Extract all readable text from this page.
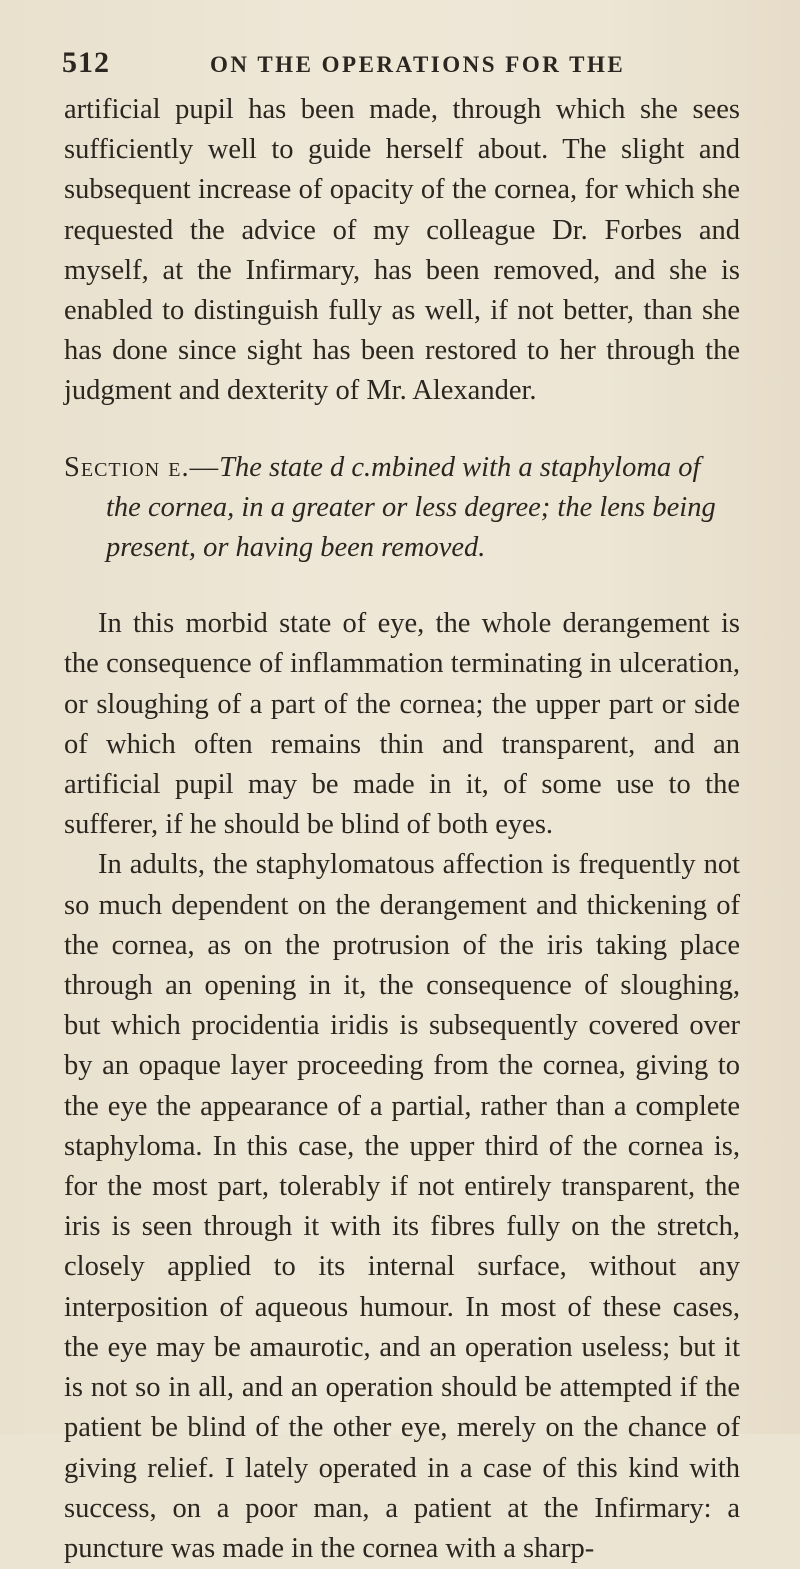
512	ON THE OPERATIONS FOR THE

artificial pupil has been made, through which she sees sufficiently well to guide herself about. The slight and subsequent increase of opacity of the cornea, for which she requested the advice of my colleague Dr. Forbes and myself, at the Infirmary, has been removed, and she is enabled to distinguish fully as well, if not better, than she has done since sight has been restored to her through the judgment and dexterity of Mr. Alexander.

Section e.—The state d c.mbined with a staphyloma of the cornea, in a greater or less degree; the lens being present, or having been removed.

In this morbid state of eye, the whole derangement is the consequence of inflammation terminating in ulceration, or sloughing of a part of the cornea; the upper part or side of which often remains thin and transparent, and an artificial pupil may be made in it, of some use to the sufferer, if he should be blind of both eyes.

In adults, the staphylomatous affection is frequently not so much dependent on the derangement and thickening of the cornea, as on the protrusion of the iris taking place through an opening in it, the consequence of sloughing, but which procidentia iridis is subsequently covered over by an opaque layer proceeding from the cornea, giving to the eye the appearance of a partial, rather than a complete staphyloma. In this case, the upper third of the cornea is, for the most part, tolerably if not entirely transparent, the iris is seen through it with its fibres fully on the stretch, closely applied to its internal surface, without any interposition of aqueous humour. In most of these cases, the eye may be amaurotic, and an operation useless; but it is not so in all, and an operation should be attempted if the patient be blind of the other eye, merely on the chance of giving relief. I lately operated in a case of this kind with success, on a poor man, a patient at the Infirmary: a puncture was made in the cornea with a sharp-
